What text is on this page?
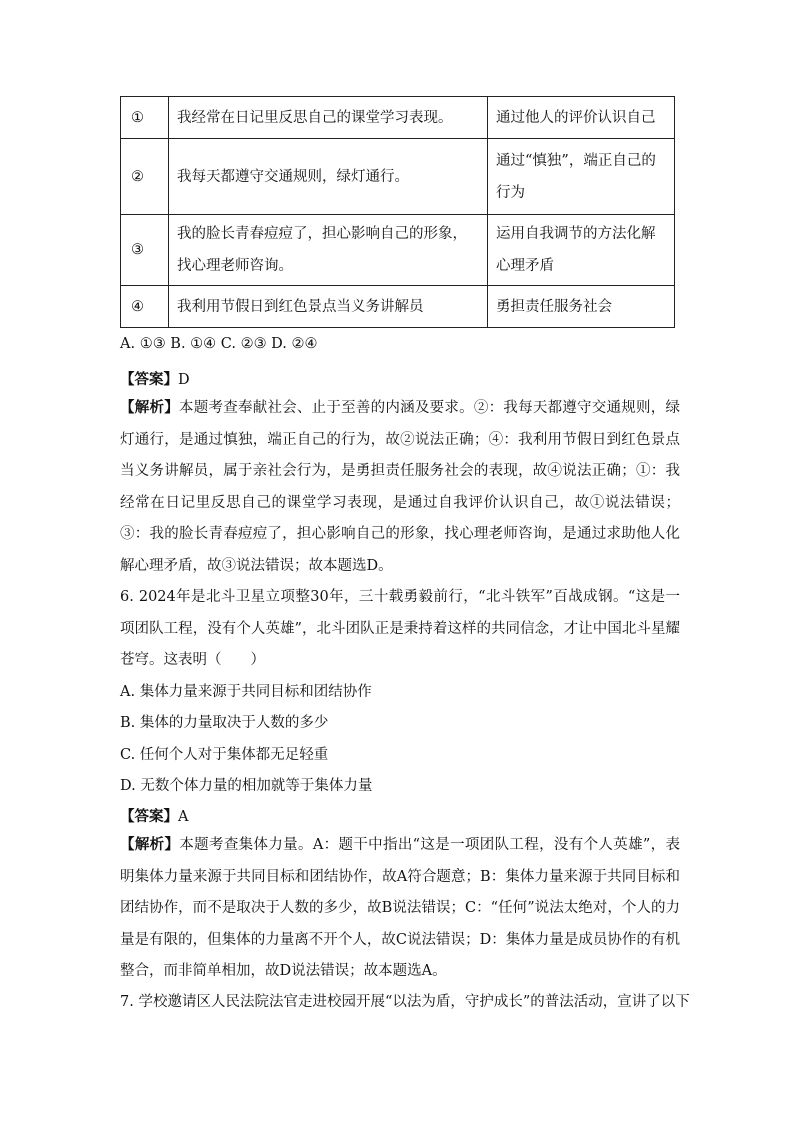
①	我经常在日记里反思自己的课堂学习表现。	通过他人的评价认识自己
②	我每天都遵守交通规则，绿灯通行。	通过“慎独”，端正自己的行为
③	我的脸长青春痘痘了，担心影响自己的形象，找心理老师咨询。	运用自我调节的方法化解心理矛盾
④	我利用节假日到红色景点当义务讲解员	勇担责任服务社会
A. ①③ B. ①④ C. ②③ D. ②④
【答案】D
【解析】本题考查奉献社会、止于至善的内涵及要求。②：我每天都遵守交通规则，绿灯通行，是通过慎独，端正自己的行为，故②说法正确；④：我利用节假日到红色景点当义务讲解员，属于亲社会行为，是勇担责任服务社会的表现，故④说法正确；①：我经常在日记里反思自己的课堂学习表现，是通过自我评价认识自己，故①说法错误；③：我的脸长青春痘痘了，担心影响自己的形象，找心理老师咨询，是通过求助他人化解心理矛盾，故③说法错误；故本题选D。
6. 2024年是北斗卫星立项整30年，三十载勇毅前行，“北斗铁军”百战成钢。“这是一项团队工程，没有个人英雄”，北斗团队正是秉持着这样的共同信念，才让中国北斗星耀苍穹。这表明（　　）
A. 集体力量来源于共同目标和团结协作
B. 集体的力量取决于人数的多少
C. 任何个人对于集体都无足轻重
D. 无数个体力量的相加就等于集体力量
【答案】A
【解析】本题考查集体力量。A：题干中指出“这是一项团队工程，没有个人英雄”，表明集体力量来源于共同目标和团结协作，故A符合题意；B：集体力量来源于共同目标和团结协作，而不是取决于人数的多少，故B说法错误；C：“任何”说法太绝对，个人的力量是有限的，但集体的力量离不开个人，故C说法错误；D：集体力量是成员协作的有机整合，而非简单相加，故D说法错误；故本题选A。
7. 学校邀请区人民法院法官走进校园开展“以法为盾，守护成长”的普法活动，宣讲了以下
